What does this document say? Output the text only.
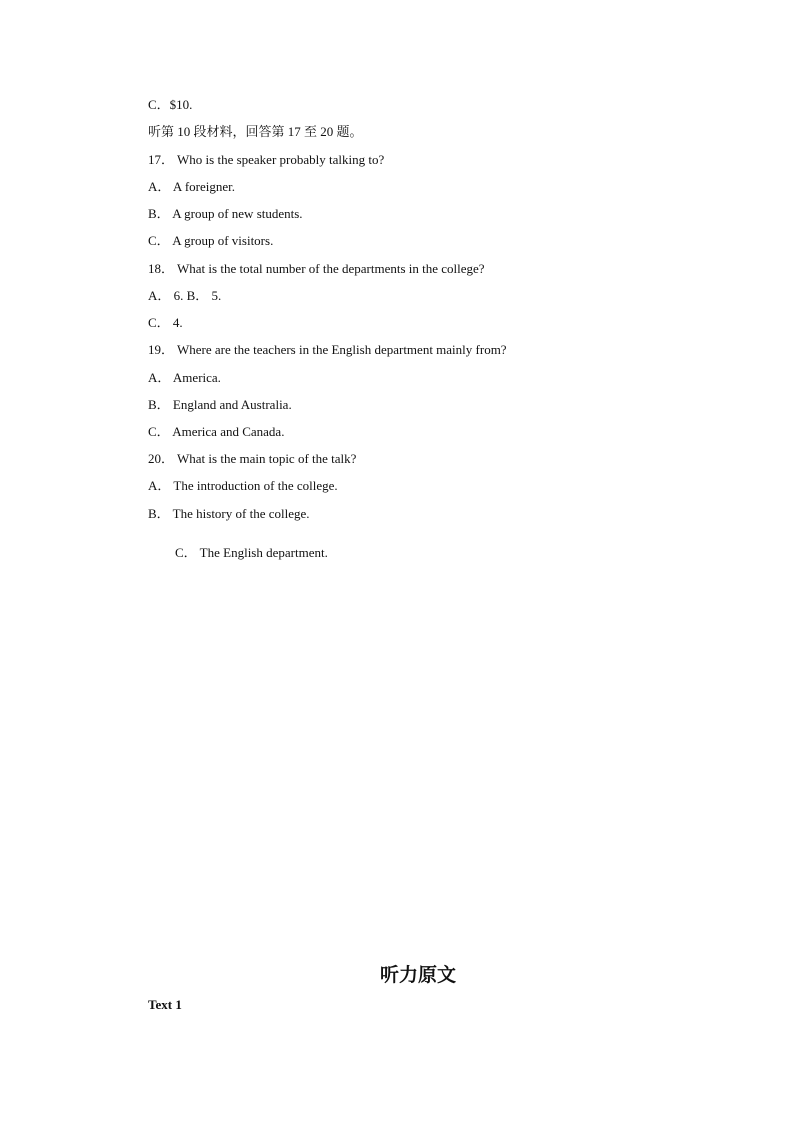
C．$10.
听第 10 段材料，回答第 17 至 20 题。
17． Who is the speaker probably talking to?
A． A foreigner.
B． A group of new students.
C． A group of visitors.
18． What is the total number of the departments in the college?
A． 6. B． 5.
C． 4.
19． Where are the teachers in the English department mainly from?
A． America.
B． England and Australia.
C． America and Canada.
20． What is the main topic of the talk?
A． The introduction of the college.
B． The history of the college.
C． The English department.
听力原文
Text 1
